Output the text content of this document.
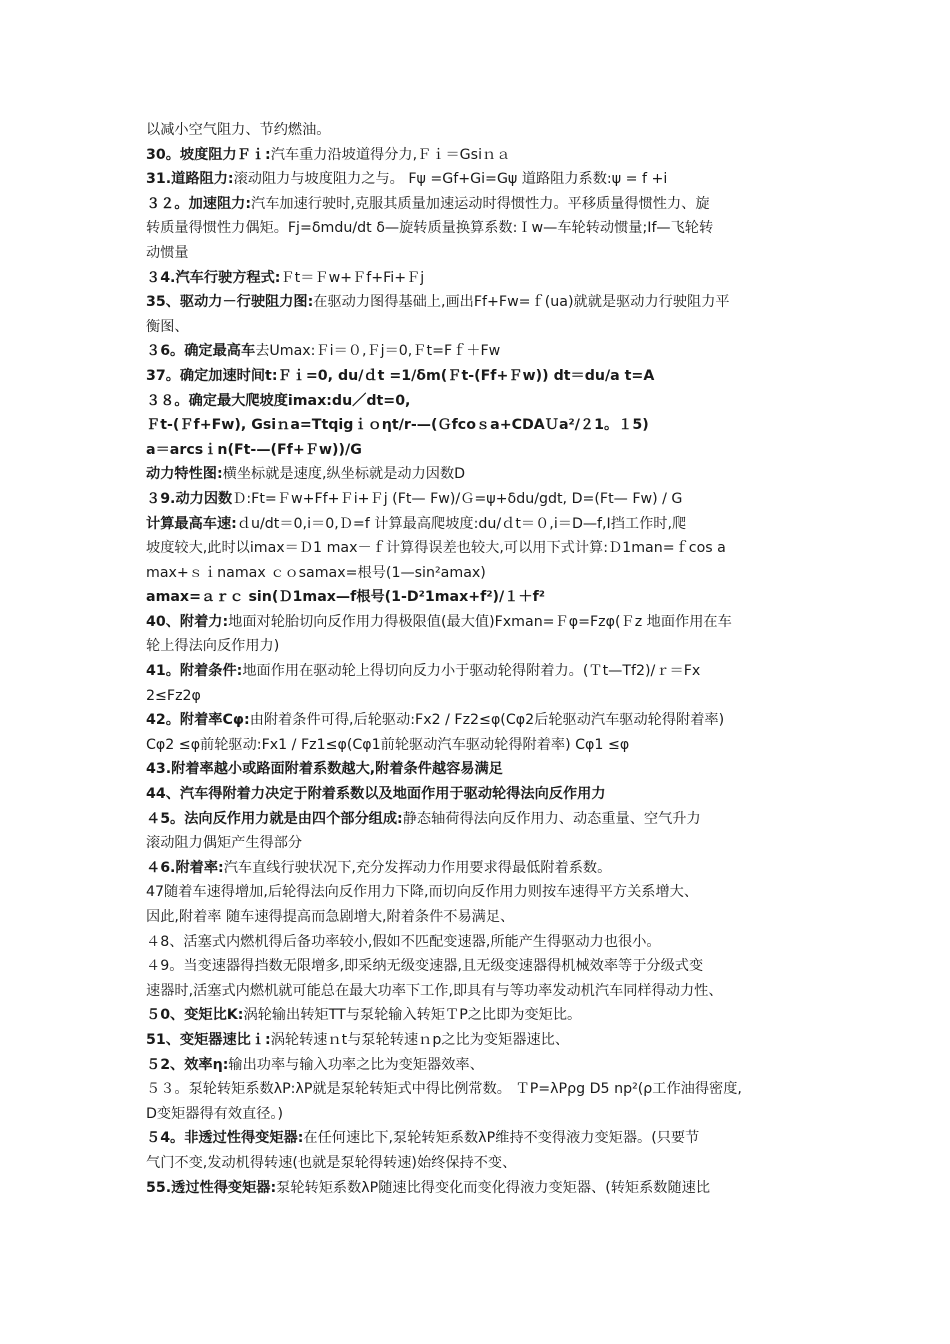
以减小空气阻力、节约燃油。
30。坡度阻力Ｆｉ:汽车重力沿坡道得分力,Ｆｉ＝Gsiｎａ
31.道路阻力:滚动阻力与坡度阻力之与。 Fψ =Gf+Gi=Gψ 道路阻力系数:ψ = f +i
３２。加速阻力:汽车加速行驶时,克服其质量加速运动时得惯性力。平移质量得惯性力、旋
转质量得惯性力偶矩。Fj=δmdu/dt δ—旋转质量换算系数:Ｉw—车轮转动惯量;If—飞轮转
动惯量
３4.汽车行驶方程式:Ｆt＝Ｆw+Ｆf+Fi+Ｆj
35、驱动力－行驶阻力图:在驱动力图得基础上,画出Ff+Fw=ｆ(ua)就就是驱动力行驶阻力平
衡图、
３6。确定最高车去Umax:Ｆi＝０,Ｆj＝0,Ｆt=Fｆ＋Fw
37。确定加速时间t:Ｆｉ=0, du/ｄt =1/δm(Ｆt-(Ff+Ｆw)) dt＝du/a t=A
３８。确定最大爬坡度imax:du／dt=0,
Ｆt-(Ｆf+Fw), Gsiｎa=Ttqigｉｏηt/r-—(Ｇfcoｓa+CDAＵa²/２1。１5)
a＝arcsｉn(Ft-—(Ff+Ｆw))/G
动力特性图:横坐标就是速度,纵坐标就是动力因数D
３9.动力因数Ｄ:Ft=Ｆw+Ff+Ｆi+Ｆj (Ft— Fw)/Ｇ=ψ+δdu/gdt, D=(Ft— Fw) / G
计算最高车速:ｄu/dt＝0,i＝0,Ｄ=f 计算最高爬坡度:du/ｄt＝０,i＝D—f,Ⅰ挡工作时,爬
坡度较大,此时以imax＝Ｄ1 max－ｆ计算得误差也较大,可以用下式计算:Ｄ1man=ｆcos a
max+ｓｉnamax ｃｏsamax=根号(1—sin²amax)
amax=ａｒｃ sin(Ｄ1max—f根号(1-D²1max+f²)/１＋f²
40、附着力:地面对轮胎切向反作用力得极限值(最大值)Fxman=Ｆφ=Fzφ(Ｆz 地面作用在车
轮上得法向反作用力)
41。附着条件:地面作用在驱动轮上得切向反力小于驱动轮得附着力。(Ｔt—Tf2)/ｒ＝Fx
2≤Fz2φ
42。附着率Cφ:由附着条件可得,后轮驱动:Fx2 / Fz2≤φ(Cφ2后轮驱动汽车驱动轮得附着率)
Cφ2 ≤φ前轮驱动:Fx1 / Fz1≤φ(Cφ1前轮驱动汽车驱动轮得附着率) Cφ1 ≤φ
43.附着率越小或路面附着系数越大,附着条件越容易满足
44、汽车得附着力决定于附着系数以及地面作用于驱动轮得法向反作用力
４5。法向反作用力就是由四个部分组成:静态轴荷得法向反作用力、动态重量、空气升力
滚动阻力偶矩产生得部分
４6.附着率:汽车直线行驶状况下,充分发挥动力作用要求得最低附着系数。
47随着车速得增加,后轮得法向反作用力下降,而切向反作用力则按车速得平方关系增大、
因此,附着率 随车速得提高而急剧增大,附着条件不易满足、
４8、活塞式内燃机得后备功率较小,假如不匹配变速器,所能产生得驱动力也很小。
４9。当变速器得挡数无限增多,即采纳无级变速器,且无级变速器得机械效率等于分级式变
速器时,活塞式内燃机就可能总在最大功率下工作,即具有与等功率发动机汽车同样得动力性、
５0、变矩比K:涡轮输出转矩TT与泵轮输入转矩ＴP之比即为变矩比。
51、变矩器速比ｉ:涡轮转速ｎt与泵轮转速ｎp之比为变矩器速比、
５2、效率η:输出功率与输入功率之比为变矩器效率、
５３。泵轮转矩系数λP:λP就是泵轮转矩式中得比例常数。 ＴP=λPρg D5 np²(ρ工作油得密度,
D变矩器得有效直径。)
５4。非透过性得变矩器:在任何速比下,泵轮转矩系数λP维持不变得液力变矩器。(只要节
气门不变,发动机得转速(也就是泵轮得转速)始终保持不变、
55.透过性得变矩器:泵轮转矩系数λP随速比得变化而变化得液力变矩器、(转矩系数随速比
